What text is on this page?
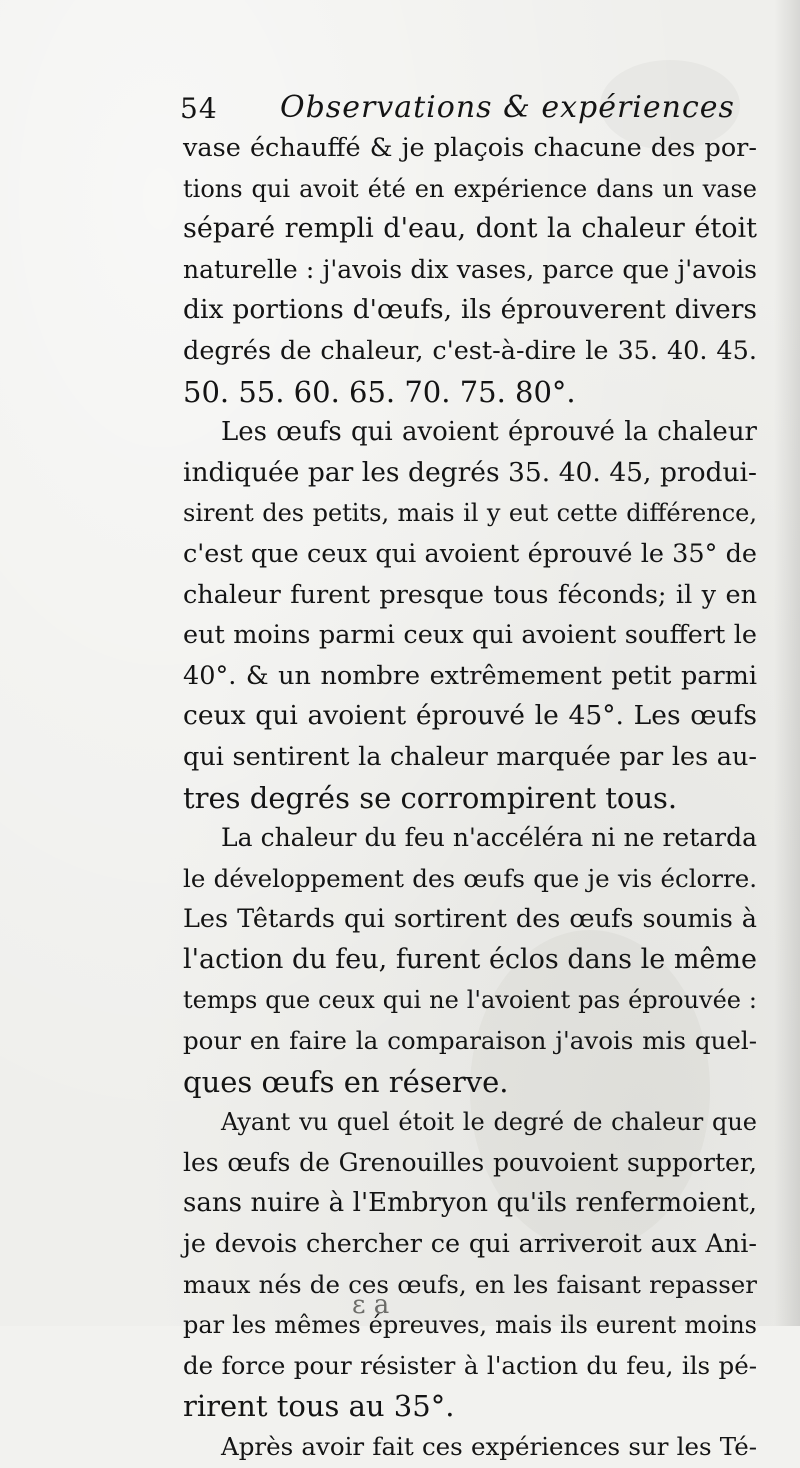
54 Observations & expériences
vase échauffé & je plaçois chacune des por-
tions qui avoit été en expérience dans un vase
séparé rempli d'eau, dont la chaleur étoit
naturelle : j'avois dix vases, parce que j'avois
dix portions d'œufs, ils éprouverent divers
degrés de chaleur, c'est-à-dire le 35. 40. 45.
50. 55. 60. 65. 70. 75. 80°.
Les œufs qui avoient éprouvé la chaleur
indiquée par les degrés 35. 40. 45, produi-
sirent des petits, mais il y eut cette différence,
c'est que ceux qui avoient éprouvé le 35° de
chaleur furent presque tous féconds; il y en
eut moins parmi ceux qui avoient souffert le
40°. & un nombre extrêmement petit parmi
ceux qui avoient éprouvé le 45°. Les œufs
qui sentirent la chaleur marquée par les au-
tres degrés se corrompirent tous.
La chaleur du feu n'accéléra ni ne retarda
le développement des œufs que je vis éclorre.
Les Têtards qui sortirent des œufs soumis à
l'action du feu, furent éclos dans le même
temps que ceux qui ne l'avoient pas éprouvée :
pour en faire la comparaison j'avois mis quel-
ques œufs en réserve.
Ayant vu quel étoit le degré de chaleur que
les œufs de Grenouilles pouvoient supporter,
sans nuire à l'Embryon qu'ils renfermoient,
je devois chercher ce qui arriveroit aux Ani-
maux nés de ces œufs, en les faisant repasser
par les mêmes épreuves, mais ils eurent moins
de force pour résister à l'action du feu, ils pé-
rirent tous au 35°.
Après avoir fait ces expériences sur les Té-
ɛ a
